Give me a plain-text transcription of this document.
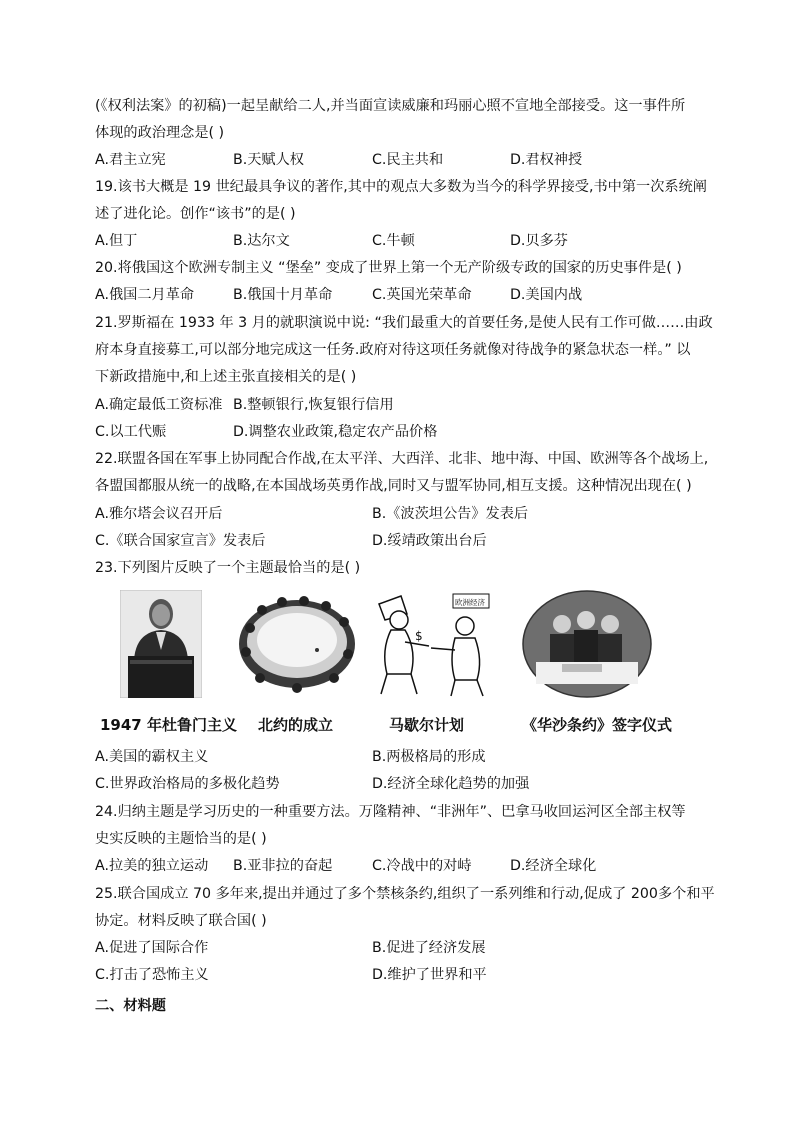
(《权利法案》的初稿)一起呈献给二人,并当面宣读威廉和玛丽心照不宣地全部接受。这一事件所
体现的政治理念是( )
A.君主立宪	B.天赋人权	C.民主共和	D.君权神授
19.该书大概是 19 世纪最具争议的著作,其中的观点大多数为当今的科学界接受,书中第一次系统阐
述了进化论。创作“该书”的是( )
A.但丁	B.达尔文	C.牛顿	D.贝多芬
20.将俄国这个欧洲专制主义 “堡垒” 变成了世界上第一个无产阶级专政的国家的历史事件是( )
A.俄国二月革命	B.俄国十月革命	C.英国光荣革命	D.美国内战
21.罗斯福在 1933 年 3 月的就职演说中说: “我们最重大的首要任务,是使人民有工作可做……由政
府本身直接募工,可以部分地完成这一任务.政府对待这项任务就像对待战争的紧急状态一样。” 以
下新政措施中,和上述主张直接相关的是( )
A.确定最低工资标准 B.整顿银行,恢复银行信用
C.以工代赈	D.调整农业政策,稳定农产品价格
22.联盟各国在军事上协同配合作战,在太平洋、大西洋、北非、地中海、中国、欧洲等各个战场上,
各盟国都服从统一的战略,在本国战场英勇作战,同时又与盟军协同,相互支援。这种情况出现在( )
A.雅尔塔会议召开后	B.《波茨坦公告》发表后
C.《联合国家宣言》发表后	D.绥靖政策出台后
23.下列图片反映了一个主题最恰当的是( )
$
欧洲经济
1947 年杜鲁门主义 北约的成立	马歇尔计划	《华沙条约》签字仪式
A.美国的霸权主义	B.两极格局的形成
C.世界政治格局的多极化趋势	D.经济全球化趋势的加强
24.归纳主题是学习历史的一种重要方法。万隆精神、“非洲年”、巴拿马收回运河区全部主权等
史实反映的主题恰当的是( )
A.拉美的独立运动 B.亚非拉的奋起	C.冷战中的对峙	D.经济全球化
25.联合国成立 70 多年来,提出并通过了多个禁核条约,组织了一系列维和行动,促成了 200多个和平
协定。材料反映了联合国( )
A.促进了国际合作	B.促进了经济发展
C.打击了恐怖主义	D.维护了世界和平
二、材料题
